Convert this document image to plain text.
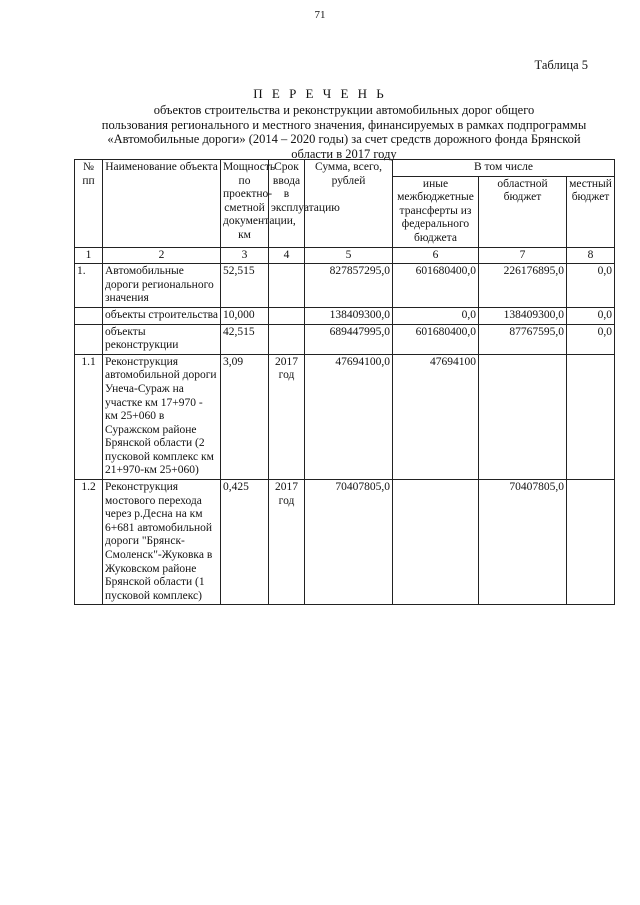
71
Таблица 5
П Е Р Е Ч Е Н Ь
объектов строительства и реконструкции автомобильных дорог общего
пользования регионального и местного значения, финансируемых в рамках подпрограммы
«Автомобильные дороги» (2014 – 2020 годы) за счет средств дорожного фонда Брянской
области в 2017 году
№ пп	Наименование объекта	Мощность по проектно-сметной документации, км	Срок ввода в эксплуатацию	Сумма, всего, рублей	В том числе		
					иные межбюджетные трансферты из федерального бюджета	областной бюджет	местный бюджет
1	2	3	4	5	6	7	8
1.	Автомобильные дороги регионального значения	52,515		827857295,0	601680400,0	226176895,0	0,0
	объекты строительства	10,000		138409300,0	0,0	138409300,0	0,0
	объекты реконструкции	42,515		689447995,0	601680400,0	87767595,0	0,0
1.1	Реконструкция автомобильной дороги Унеча-Сураж на участке км 17+970 - км 25+060 в Суражском районе Брянской области (2 пусковой комплекс км 21+970-км 25+060)	3,09	2017 год	47694100,0	47694100		
1.2	Реконструкция мостового перехода через р.Десна на км 6+681 автомобильной дороги "Брянск-Смоленск"-Жуковка в Жуковском районе Брянской области (1 пусковой комплекс)	0,425	2017 год	70407805,0		70407805,0	
